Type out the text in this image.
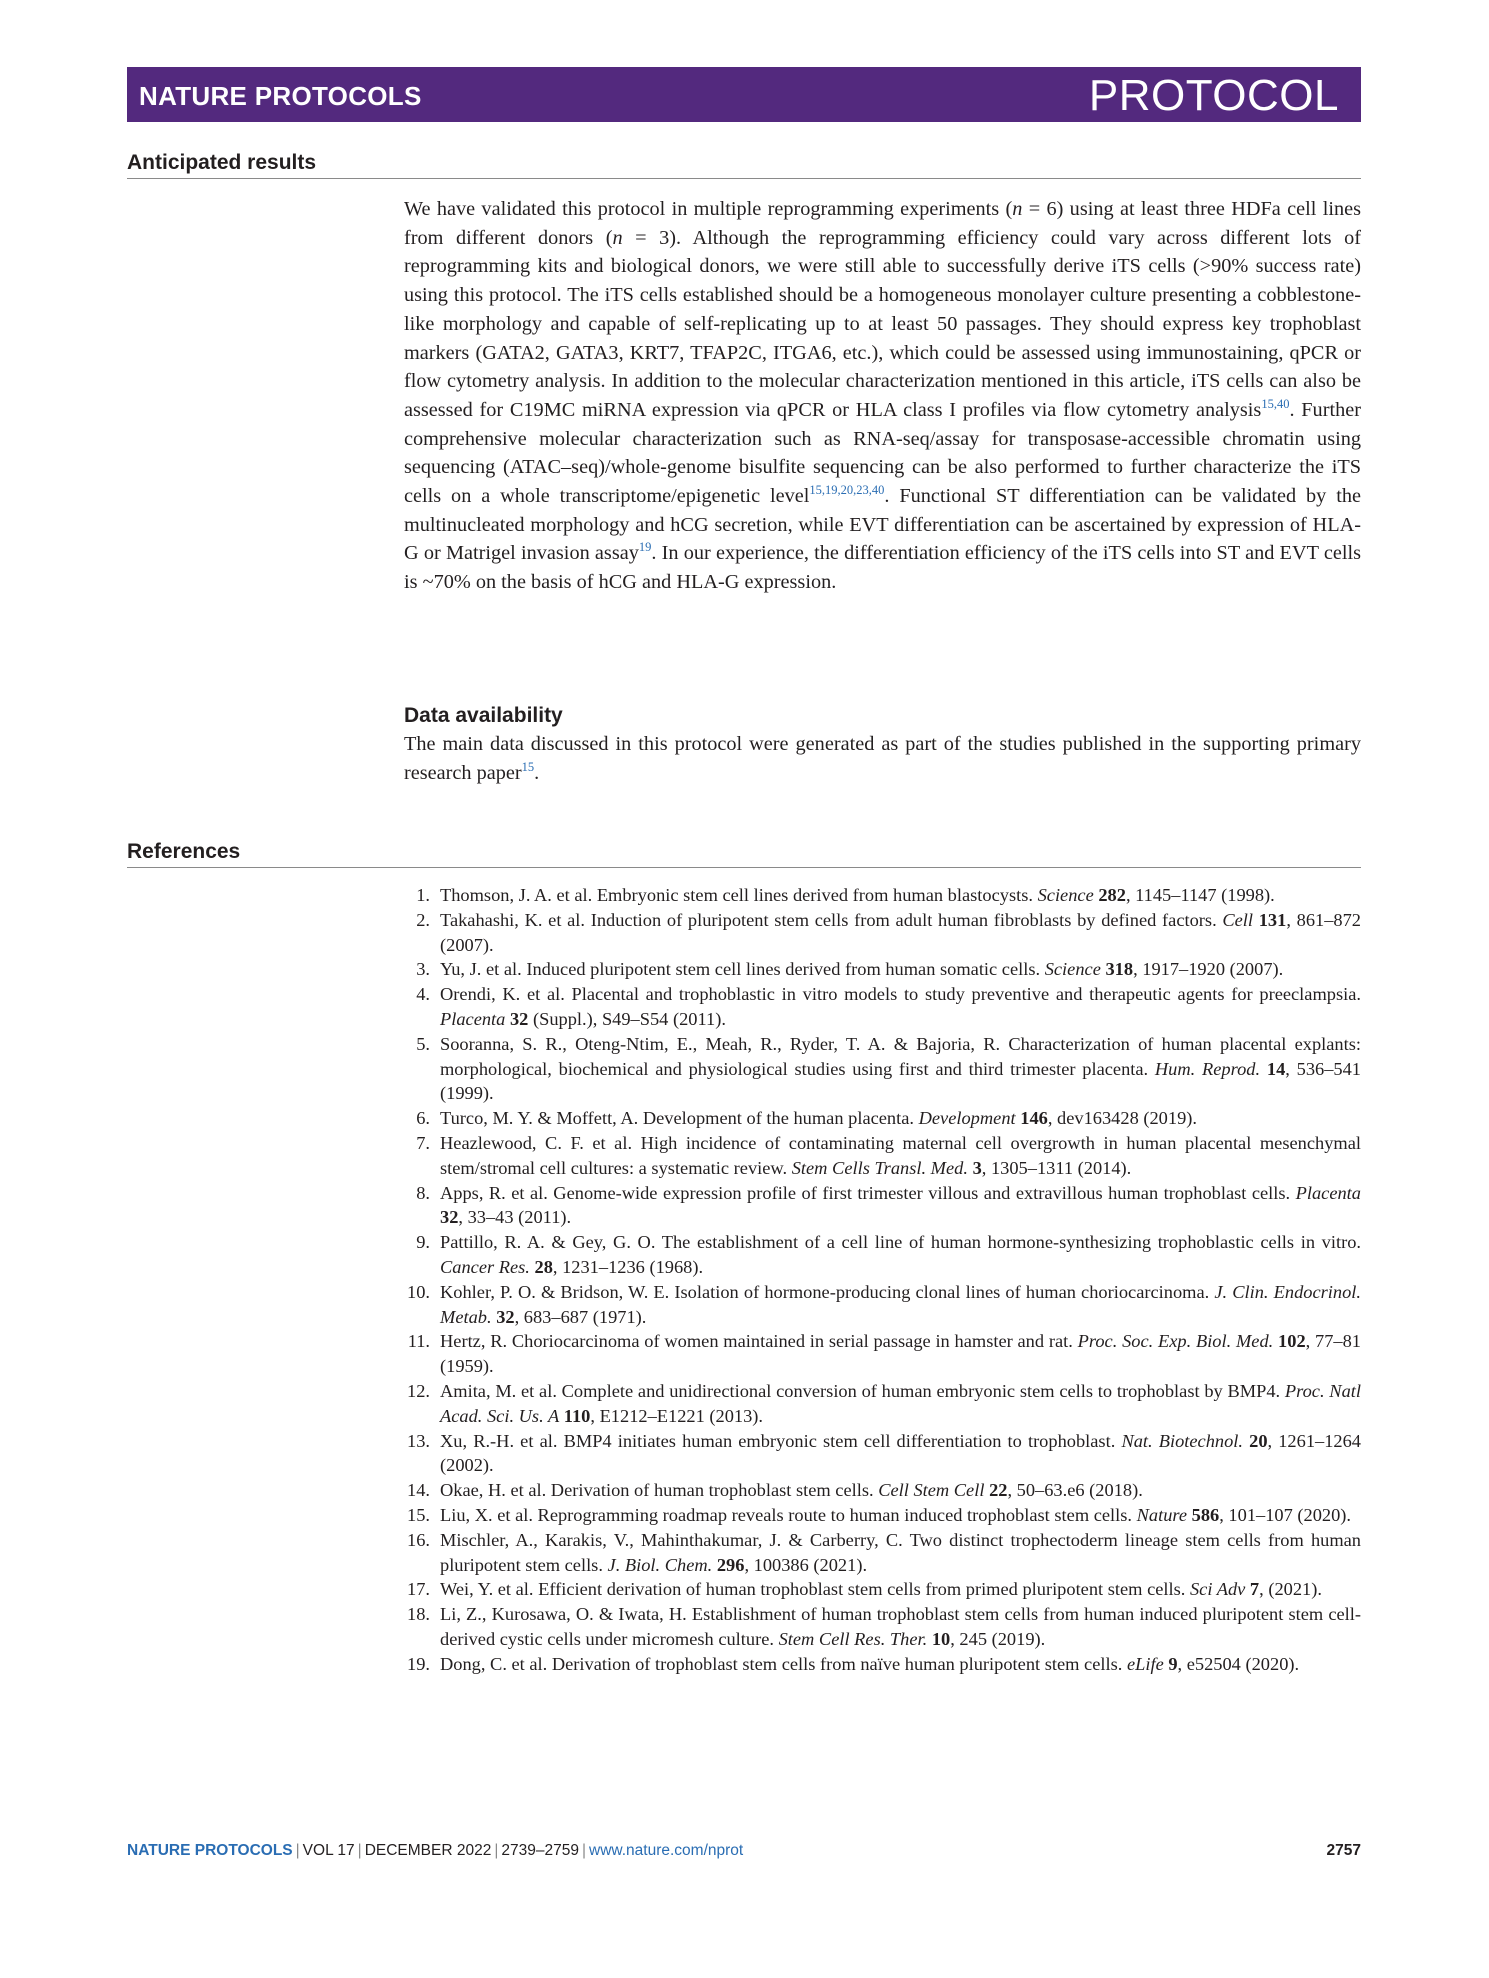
NATURE PROTOCOLS	PROTOCOL
Anticipated results

We have validated this protocol in multiple reprogramming experiments (n = 6) using at least three HDFa cell lines from different donors (n = 3). Although the reprogramming efficiency could vary across different lots of reprogramming kits and biological donors, we were still able to successfully derive iTS cells (>90% success rate) using this protocol. The iTS cells established should be a homogeneous monolayer culture presenting a cobblestone-like morphology and capable of self-replicating up to at least 50 passages. They should express key trophoblast markers (GATA2, GATA3, KRT7, TFAP2C, ITGA6, etc.), which could be assessed using immunostaining, qPCR or flow cytometry analysis. In addition to the molecular characterization mentioned in this article, iTS cells can also be assessed for C19MC miRNA expression via qPCR or HLA class I profiles via flow cytometry analysis$^{15,40}$. Further comprehensive molecular characterization such as RNA-seq/assay for transposase-accessible chromatin using sequencing (ATAC–seq)/whole-genome bisulfite sequencing can be also performed to further characterize the iTS cells on a whole transcriptome/epigenetic level$^{15,19,20,23,40}$. Functional ST differentiation can be validated by the multinucleated morphology and hCG secretion, while EVT differentiation can be ascertained by expression of HLA-G or Matrigel invasion assay$^{19}$. In our experience, the differentiation efficiency of the iTS cells into ST and EVT cells is ~70% on the basis of hCG and HLA-G expression.

Data availability

The main data discussed in this protocol were generated as part of the studies published in the supporting primary research paper$^{15}$.

References
1. Thomson, J. A. et al. Embryonic stem cell lines derived from human blastocysts. Science 282, 1145–1147 (1998).
2. Takahashi, K. et al. Induction of pluripotent stem cells from adult human fibroblasts by defined factors. Cell 131, 861–872 (2007).
3. Yu, J. et al. Induced pluripotent stem cell lines derived from human somatic cells. Science 318, 1917–1920 (2007).
4. Orendi, K. et al. Placental and trophoblastic in vitro models to study preventive and therapeutic agents for preeclampsia. Placenta 32 (Suppl.), S49–S54 (2011).
5. Sooranna, S. R., Oteng-Ntim, E., Meah, R., Ryder, T. A. & Bajoria, R. Characterization of human placental explants: morphological, biochemical and physiological studies using first and third trimester placenta. Hum. Reprod. 14, 536–541 (1999).
6. Turco, M. Y. & Moffett, A. Development of the human placenta. Development 146, dev163428 (2019).
7. Heazlewood, C. F. et al. High incidence of contaminating maternal cell overgrowth in human placental mesenchymal stem/stromal cell cultures: a systematic review. Stem Cells Transl. Med. 3, 1305–1311 (2014).
8. Apps, R. et al. Genome-wide expression profile of first trimester villous and extravillous human trophoblast cells. Placenta 32, 33–43 (2011).
9. Pattillo, R. A. & Gey, G. O. The establishment of a cell line of human hormone-synthesizing trophoblastic cells in vitro. Cancer Res. 28, 1231–1236 (1968).
10. Kohler, P. O. & Bridson, W. E. Isolation of hormone-producing clonal lines of human choriocarcinoma. J. Clin. Endocrinol. Metab. 32, 683–687 (1971).
11. Hertz, R. Choriocarcinoma of women maintained in serial passage in hamster and rat. Proc. Soc. Exp. Biol. Med. 102, 77–81 (1959).
12. Amita, M. et al. Complete and unidirectional conversion of human embryonic stem cells to trophoblast by BMP4. Proc. Natl Acad. Sci. Us. A 110, E1212–E1221 (2013).
13. Xu, R.-H. et al. BMP4 initiates human embryonic stem cell differentiation to trophoblast. Nat. Biotechnol. 20, 1261–1264 (2002).
14. Okae, H. et al. Derivation of human trophoblast stem cells. Cell Stem Cell 22, 50–63.e6 (2018).
15. Liu, X. et al. Reprogramming roadmap reveals route to human induced trophoblast stem cells. Nature 586, 101–107 (2020).
16. Mischler, A., Karakis, V., Mahinthakumar, J. & Carberry, C. Two distinct trophectoderm lineage stem cells from human pluripotent stem cells. J. Biol. Chem. 296, 100386 (2021).
17. Wei, Y. et al. Efficient derivation of human trophoblast stem cells from primed pluripotent stem cells. Sci Adv 7, (2021).
18. Li, Z., Kurosawa, O. & Iwata, H. Establishment of human trophoblast stem cells from human induced pluripotent stem cell-derived cystic cells under micromesh culture. Stem Cell Res. Ther. 10, 245 (2019).
19. Dong, C. et al. Derivation of trophoblast stem cells from naïve human pluripotent stem cells. eLife 9, e52504 (2020).
NATURE PROTOCOLS | VOL 17 | DECEMBER 2022 | 2739–2759 | www.nature.com/nprot	2757
